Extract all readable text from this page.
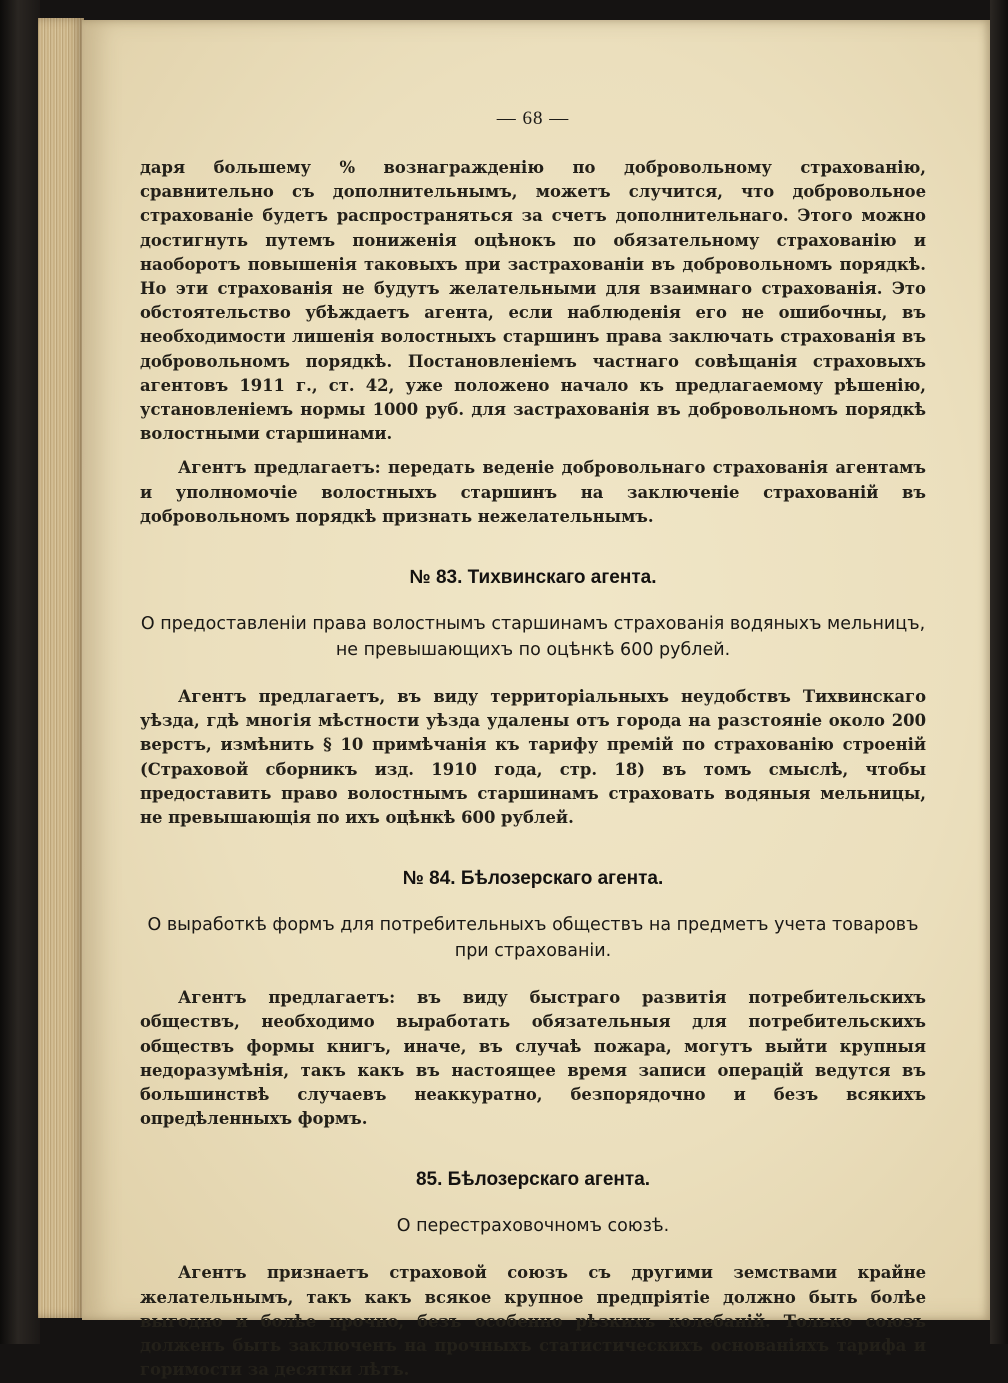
— 68 —

даря большему % вознагражденію по добровольному страхованію, сравнительно съ дополнительнымъ, можетъ случится, что добровольное страхованіе будетъ распространяться за счетъ дополнительнаго. Этого можно достигнуть путемъ пониженія оцѣнокъ по обязательному страхованію и наоборотъ повышенія таковыхъ при застрахованіи въ добровольномъ порядкѣ. Но эти страхованія не будутъ желательными для взаимнаго страхованія. Это обстоятельство убѣждаетъ агента, если наблюденія его не ошибочны, въ необходимости лишенія волостныхъ старшинъ права заключать страхованія въ добровольномъ порядкѣ. Постановленіемъ частнаго совѣщанія страховыхъ агентовъ 1911 г., ст. 42, уже положено начало къ предлагаемому рѣшенію, установленіемъ нормы 1000 руб. для застрахованія въ добровольномъ порядкѣ волостными старшинами.

Агентъ предлагаетъ: передать веденіе добровольнаго страхованія агентамъ и уполномочіе волостныхъ старшинъ на заключеніе страхованій въ добровольномъ порядкѣ признать нежелательнымъ.

№ 83. Тихвинскаго агента.
О предоставленіи права волостнымъ старшинамъ страхованія водяныхъ мельницъ, не превышающихъ по оцѣнкѣ 600 рублей.

Агентъ предлагаетъ, въ виду территоріальныхъ неудобствъ Тихвинскаго уѣзда, гдѣ многія мѣстности уѣзда удалены отъ города на разстояніе около 200 верстъ, измѣнить § 10 примѣчанія къ тарифу премій по страхованію строеній (Страховой сборникъ изд. 1910 года, стр. 18) въ томъ смыслѣ, чтобы предоставить право волостнымъ старшинамъ страховать водяныя мельницы, не превышающія по ихъ оцѣнкѣ 600 рублей.

№ 84. Бѣлозерскаго агента.
О выработкѣ формъ для потребительныхъ обществъ на предметъ учета товаровъ при страхованіи.

Агентъ предлагаетъ: въ виду быстраго развитія потребительскихъ обществъ, необходимо выработать обязательныя для потребительскихъ обществъ формы книгъ, иначе, въ случаѣ пожара, могутъ выйти крупныя недоразумѣнія, такъ какъ въ настоящее время записи операцій ведутся въ большинствѣ случаевъ неаккуратно, безпорядочно и безъ всякихъ опредѣленныхъ формъ.

85. Бѣлозерскаго агента.
О перестраховочномъ союзѣ.

Агентъ признаетъ страховой союзъ съ другими земствами крайне желательнымъ, такъ какъ всякое крупное предпріятіе должно быть болѣе выгодно и болѣе прочно, безъ особенно рѣзкихъ колебаній. Только союзъ долженъ быть заключенъ на прочныхъ статистическихъ основаніяхъ тарифа и горимости за десятки лѣтъ.
